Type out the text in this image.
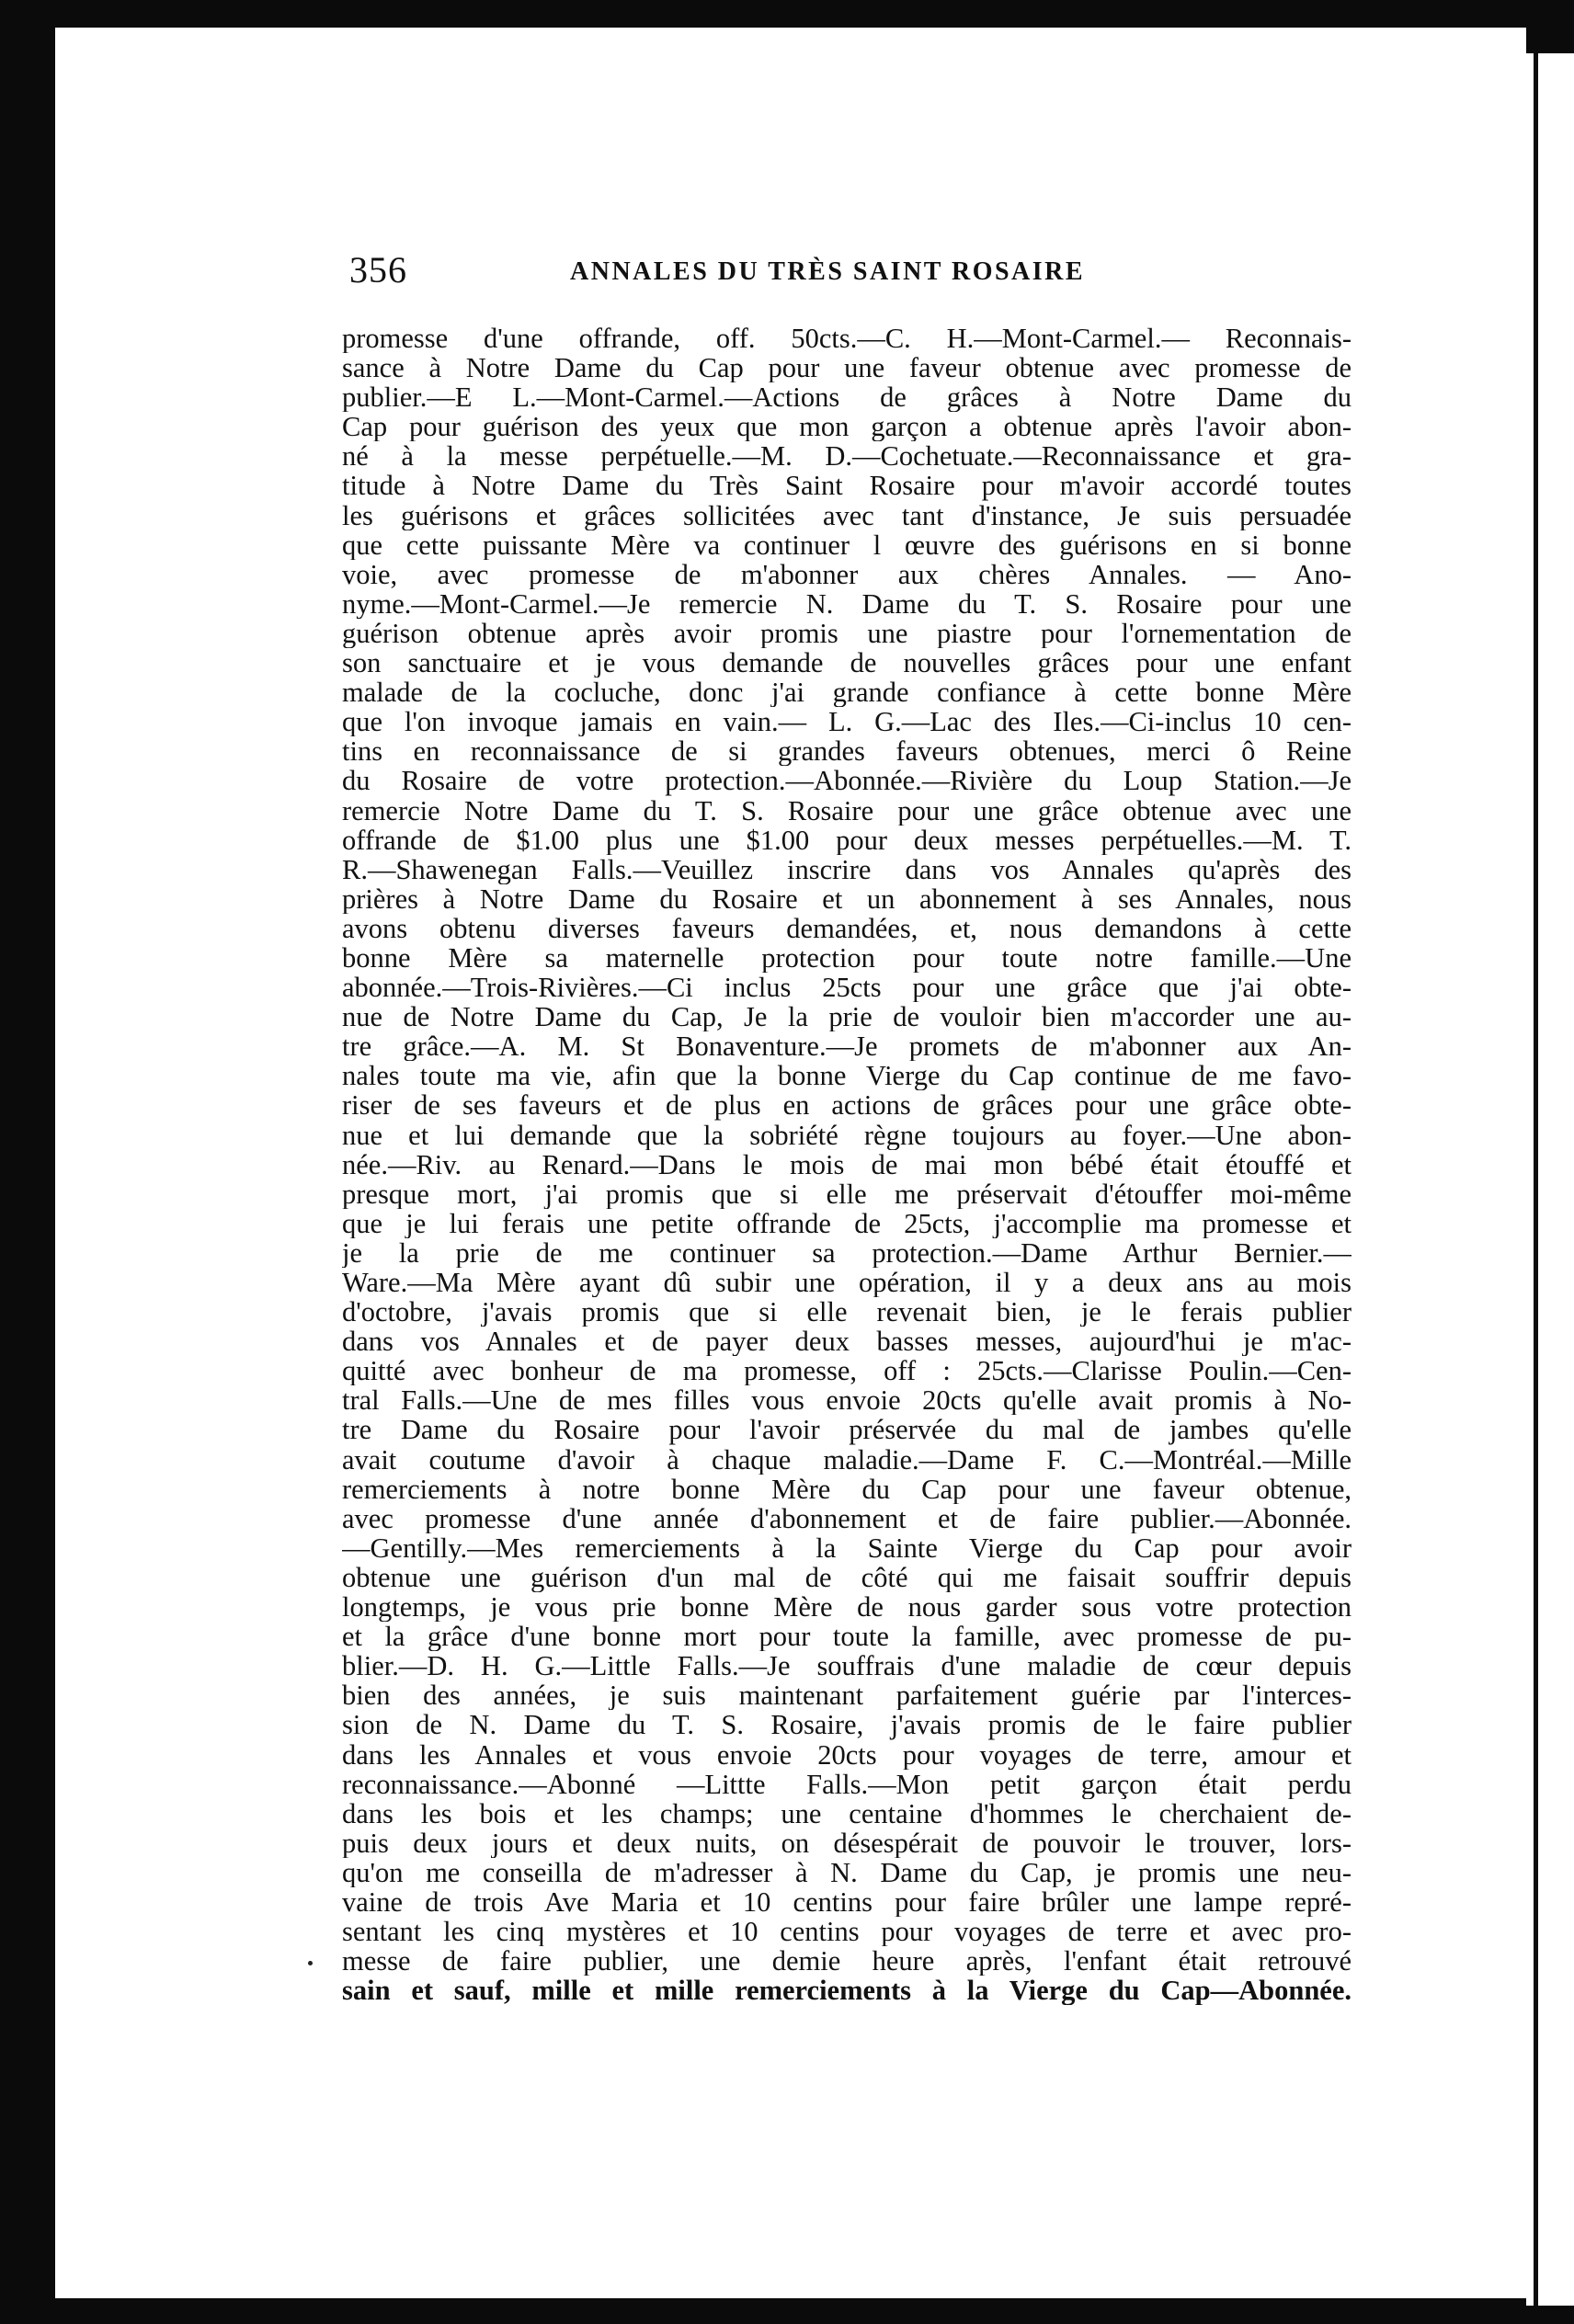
356	ANNALES DU TRÈS SAINT ROSAIRE
promesse d'une offrande, off. 50cts.—C. H.—Mont-Carmel.— Reconnais-
sance à Notre Dame du Cap pour une faveur obtenue avec promesse de
publier.—E L.—Mont-Carmel.—Actions de grâces à Notre Dame du
Cap pour guérison des yeux que mon garçon a obtenue après l'avoir abon-
né à la messe perpétuelle.—M. D.—Cochetuate.—Reconnaissance et gra-
titude à Notre Dame du Très Saint Rosaire pour m'avoir accordé toutes
les guérisons et grâces sollicitées avec tant d'instance, Je suis persuadée
que cette puissante Mère va continuer l œuvre des guérisons en si bonne
voie, avec promesse de m'abonner aux chères Annales. — Ano-
nyme.—Mont-Carmel.—Je remercie N. Dame du T. S. Rosaire pour une
guérison obtenue après avoir promis une piastre pour l'ornementation de
son sanctuaire et je vous demande de nouvelles grâces pour une enfant
malade de la cocluche, donc j'ai grande confiance à cette bonne Mère
que l'on invoque jamais en vain.— L. G.—Lac des Iles.—Ci-inclus 10 cen-
tins en reconnaissance de si grandes faveurs obtenues, merci ô Reine
du Rosaire de votre protection.—Abonnée.—Rivière du Loup Station.—Je
remercie Notre Dame du T. S. Rosaire pour une grâce obtenue avec une
offrande de $1.00 plus une $1.00 pour deux messes perpétuelles.—M. T.
R.—Shawenegan Falls.—Veuillez inscrire dans vos Annales qu'après des
prières à Notre Dame du Rosaire et un abonnement à ses Annales, nous
avons obtenu diverses faveurs demandées, et, nous demandons à cette
bonne Mère sa maternelle protection pour toute notre famille.—Une
abonnée.—Trois-Rivières.—Ci inclus 25cts pour une grâce que j'ai obte-
nue de Notre Dame du Cap, Je la prie de vouloir bien m'accorder une au-
tre grâce.—A. M. St Bonaventure.—Je promets de m'abonner aux An-
nales toute ma vie, afin que la bonne Vierge du Cap continue de me favo-
riser de ses faveurs et de plus en actions de grâces pour une grâce obte-
nue et lui demande que la sobriété règne toujours au foyer.—Une abon-
née.—Riv. au Renard.—Dans le mois de mai mon bébé était étouffé et
presque mort, j'ai promis que si elle me préservait d'étouffer moi-même
que je lui ferais une petite offrande de 25cts, j'accomplie ma promesse et
je la prie de me continuer sa protection.—Dame Arthur Bernier.—
Ware.—Ma Mère ayant dû subir une opération, il y a deux ans au mois
d'octobre, j'avais promis que si elle revenait bien, je le ferais publier
dans vos Annales et de payer deux basses messes, aujourd'hui je m'ac-
quitté avec bonheur de ma promesse, off : 25cts.—Clarisse Poulin.—Cen-
tral Falls.—Une de mes filles vous envoie 20cts qu'elle avait promis à No-
tre Dame du Rosaire pour l'avoir préservée du mal de jambes qu'elle
avait coutume d'avoir à chaque maladie.—Dame F. C.—Montréal.—Mille
remerciements à notre bonne Mère du Cap pour une faveur obtenue,
avec promesse d'une année d'abonnement et de faire publier.—Abonnée.
—Gentilly.—Mes remerciements à la Sainte Vierge du Cap pour avoir
obtenue une guérison d'un mal de côté qui me faisait souffrir depuis
longtemps, je vous prie bonne Mère de nous garder sous votre protection
et la grâce d'une bonne mort pour toute la famille, avec promesse de pu-
blier.—D. H. G.—Little Falls.—Je souffrais d'une maladie de cœur depuis
bien des années, je suis maintenant parfaitement guérie par l'interces-
sion de N. Dame du T. S. Rosaire, j'avais promis de le faire publier
dans les Annales et vous envoie 20cts pour voyages de terre, amour et
reconnaissance.—Abonné —Littte Falls.—Mon petit garçon était perdu
dans les bois et les champs; une centaine d'hommes le cherchaient de-
puis deux jours et deux nuits, on désespérait de pouvoir le trouver, lors-
qu'on me conseilla de m'adresser à N. Dame du Cap, je promis une neu-
vaine de trois Ave Maria et 10 centins pour faire brûler une lampe repré-
sentant les cinq mystères et 10 centins pour voyages de terre et avec pro-
messe de faire publier, une demie heure après, l'enfant était retrouvé
sain et sauf, mille et mille remerciements à la Vierge du Cap—Abonnée.
